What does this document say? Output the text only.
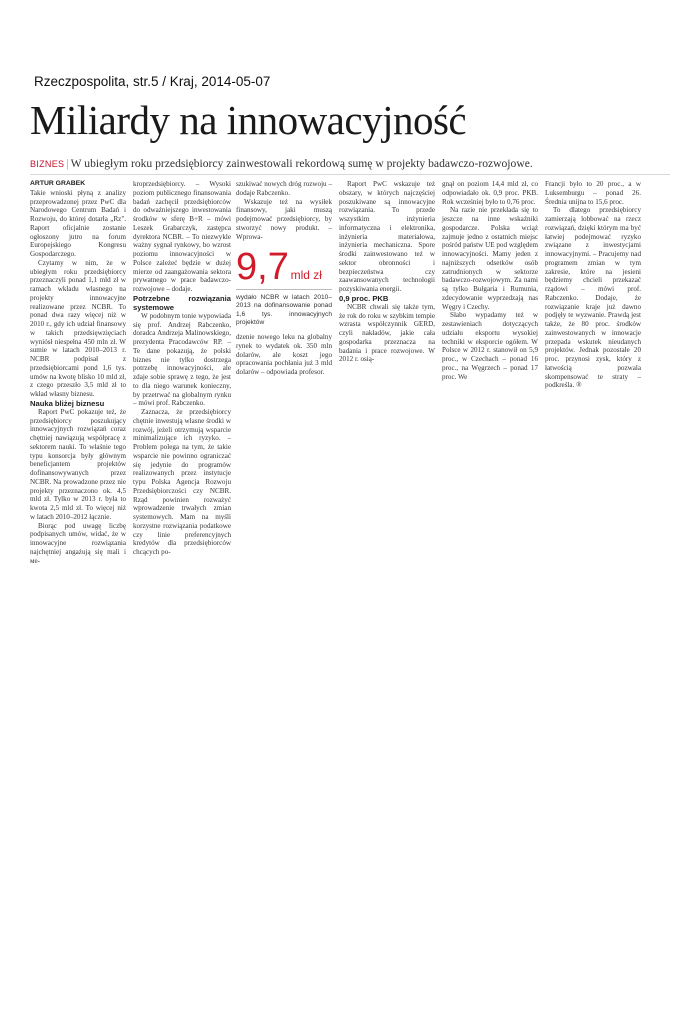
Rzeczpospolita, str.5 / Kraj, 2014-05-07
Miliardy na innowacyjność
BIZNES | W ubiegłym roku przedsiębiorcy zainwestowali rekordową sumę w projekty badawczo-rozwojowe.

ARTUR GRABEK

Takie wnioski płyną z analizy przeprowadzonej przez PwC dla Narodowego Centrum Badań i Rozwoju, do której dotarła „Rz". Raport oficjalnie zostanie ogłoszony jutro na forum Europejskiego Kongresu Gospodarczego.

Czytamy w nim, że w ubiegłym roku przedsiębiorcy przeznaczyli ponad 1,1 mld zł w ramach wkładu własnego na projekty innowacyjne realizowane przez NCBR. To ponad dwa razy więcej niż w 2010 r., gdy ich udział finansowy w takich przedsięwzięciach wyniósł niespełna 450 mln zł. W sumie w latach 2010–2013 r. NCBR podpisał z przedsiębiorcami pond 1,6 tys. umów na kwotę blisko 10 mld zł, z czego przeszło 3,5 mld zł to wkład własny biznesu.

Nauka bliżej biznesu

Raport PwC pokazuje też, że przedsiębiorcy poszukujący innowacyjnych rozwiązań coraz chętniej nawiązują współpracę z sektorem nauki. To właśnie tego typu konsorcja były głównym beneficjantem projektów dofinansowywanych przez NCBR. Na prowadzone przez nie projekty przeznaczono ok. 4,5 mld zł. Tylko w 2013 r. była to kwota 2,5 mld zł. To więcej niż w latach 2010–2012 łącznie.

Biorąc pod uwagę liczbę podpisanych umów, widać, że w innowacyjne rozwiązania najchętniej angażują się mali i ме-

kroprzedsiębiorcy. – Wysoki poziom publicznego finansowania badań zachęcił przedsiębiorców do odważniejszego inwestowania środków w sferę B+R – mówi Leszek Grabarczyk, zastępca dyrektora NCBR. – To niezwykle ważny sygnał rynkowy, bo wzrost poziomu innowacyjności w Polsce zależeć będzie w dużej mierze od zaangażowania sektora prywatnego w prace badawczo-rozwojowe – dodaje.

Potrzebne rozwiązania systemowe

W podobnym tonie wypowiada się prof. Andrzej Rabczenko, doradca Andrzeja Malinowskiego, prezydenta Pracodawców RP. – Te dane pokazują, że polski biznes nie tylko dostrzega potrzebę innowacyjności, ale zdaje sobie sprawę z tego, że jest to dla niego warunek konieczny, by przetrwać na globalnym rynku – mówi prof. Rabczenko.

Zaznacza, że przedsiębiorcy chętnie inwestują własne środki w rozwój, jeżeli otrzymują wsparcie minimalizujące ich ryzyko. – Problem polega na tym, że takie wsparcie nie powinno ograniczać się jedynie do programów realizowanych przez instytucje typu Polska Agencja Rozwoju Przedsiębiorczości czy NCBR. Rząd powinien rozważyć wprowadzenie trwałych zmian systemowych. Mam na myśli korzystne rozwiązania podatkowe czy linie preferencyjnych kredytów dla przedsiębiorców chcących po-

szukiwać nowych dróg rozwoju – dodaje Rabczenko.

Wskazuje też na wysiłek finansowy, jaki muszą podejmować przedsiębiorcy, by stworzyć nowy produkt. – Wprowa-

9,7 mld zł

wydało NCBR w latach 2010–2013 na dofinansowanie ponad 1,6 tys. innowacyjnych projektów

dzenie nowego leku na globalny rynek to wydatek ok. 350 mln dolarów, ale koszt jego opracowania pochłania już 3 mld dolarów – odpowiada profesor.

Raport PwC wskazuje też obszary, w których najczęściej poszukiwane są innowacyjne rozwiązania. To przede wszystkim inżynieria informatyczna i elektronika, inżynieria materiałowa, inżynieria mechaniczna. Spore środki zainwestowano też w sektor obronności i bezpieczeństwa czy zaawansowanych technologii pozyskiwania energii.

0,9 proc. PKB

NCBR chwali się także tym, że rok do roku w szybkim tempie wzrasta współczynnik GERD, czyli nakładów, jakie cała gospodarka przeznacza na badania i prace rozwojowe. W 2012 r. osią-

gnął on poziom 14,4 mld zł, co odpowiadało ok. 0,9 proc. PKB. Rok wcześniej było to 0,76 proc.

Na razie nie przekłada się to jeszcze na inne wskaźniki gospodarcze. Polska wciąż zajmuje jedno z ostatnich miejsc pośród państw UE pod względem innowacyjności. Mamy jeden z najniższych odsetków osób zatrudnionych w sektorze badawczo-rozwojowym. Za nami są tylko Bułgaria i Rumunia, zdecydowanie wyprzedzają nas Węgry i Czechy.

Słabo wypadamy też w zestawieniach dotyczących udziału eksportu wysokiej techniki w eksporcie ogółem. W Polsce w 2012 r. stanowił on 5,9 proc., w Czechach – ponad 16 proc., na Węgrzech – ponad 17 proc. We

Francji było to 20 proc., a w Luksemburgu – ponad 26. Średnia unijna to 15,6 proc.

To dlatego przedsiębiorcy zamierzają lobbować na rzecz rozwiązań, dzięki którym ma być łatwiej podejmować ryzyko związane z inwestycjami innowacyjnymi. – Pracujemy nad programem zmian w tym zakresie, które na jesieni będziemy chcieli przekazać rządowi – mówi prof. Rabczenko. Dodaje, że rozwiązanie kraje już dawno podjęły te wyzwanie. Prawdą jest także, że 80 proc. środków zainwestowanych w innowacje przepada wskutek nieudanych projektów. Jednak pozostałe 20 proc. przynosi zysk, który z łatwością pozwala skompensować te straty – podkreśla. ®
